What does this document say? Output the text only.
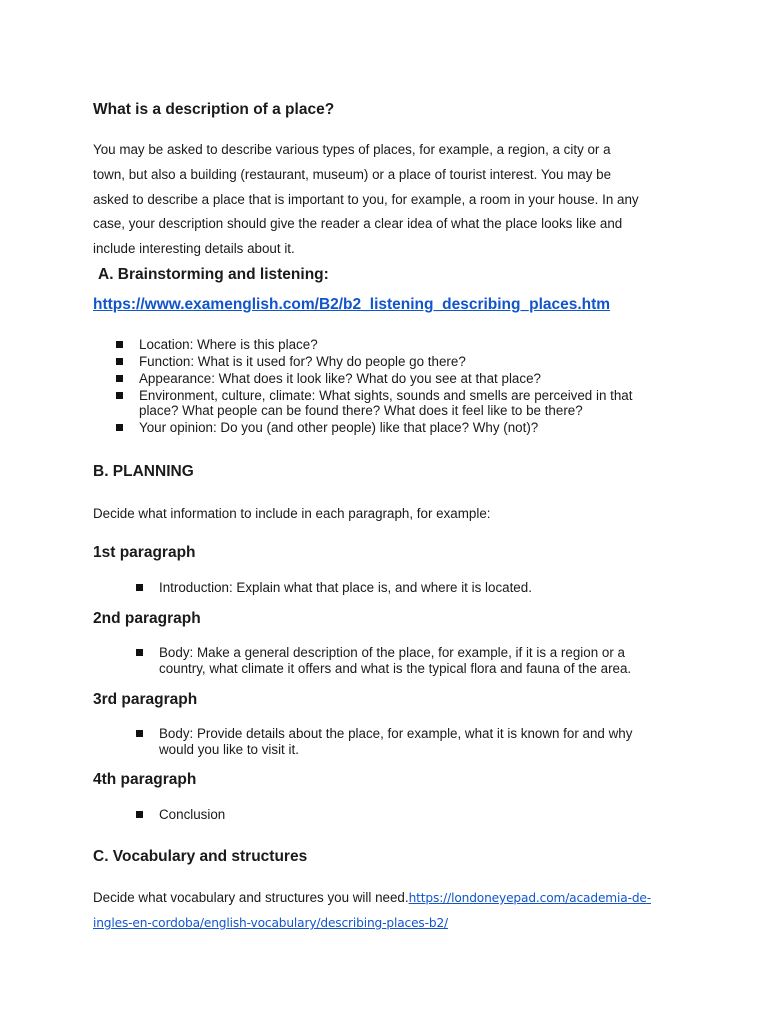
What is a description of a place?
You may be asked to describe various types of places, for example, a region, a city or a
town, but also a building (restaurant, museum) or a place of tourist interest. You may be
asked to describe a place that is important to you, for example, a room in your house. In any
case, your description should give the reader a clear idea of what the place looks like and
include interesting details about it.
A. Brainstorming and listening:
https://www.examenglish.com/B2/b2_listening_describing_places.htm
Location: Where is this place?
Function: What is it used for? Why do people go there?
Appearance: What does it look like? What do you see at that place?
Environment, culture, climate: What sights, sounds and smells are perceived in that
place? What people can be found there? What does it feel like to be there?
Your opinion: Do you (and other people) like that place? Why (not)?
B. PLANNING
Decide what information to include in each paragraph, for example:
1st paragraph
Introduction: Explain what that place is, and where it is located.
2nd paragraph
Body: Make a general description of the place, for example, if it is a region or a
country, what climate it offers and what is the typical flora and fauna of the area.
3rd paragraph
Body: Provide details about the place, for example, what it is known for and why
would you like to visit it.
4th paragraph
Conclusion
C. Vocabulary and structures
Decide what vocabulary and structures you will need.https://londoneyepad.com/academia-de-
ingles-en-cordoba/english-vocabulary/describing-places-b2/
